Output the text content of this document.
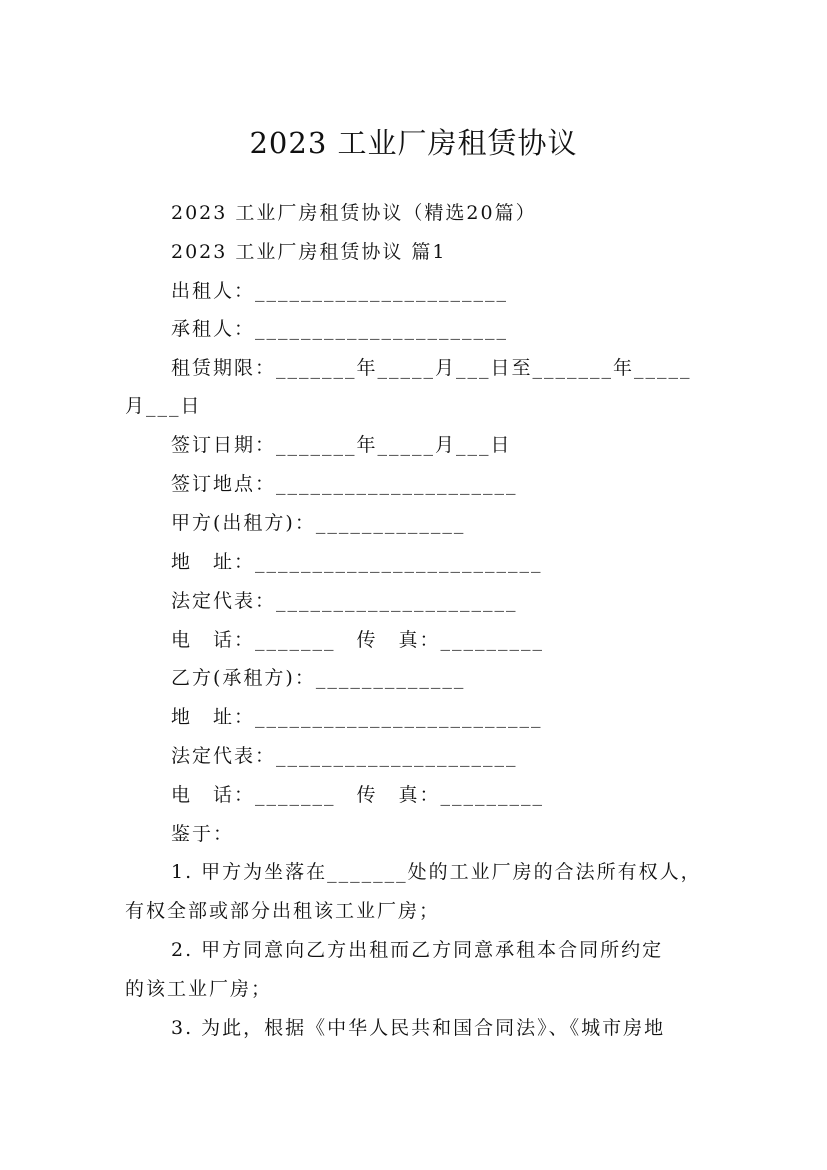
2023 工业厂房租赁协议
2023 工业厂房租赁协议（精选20篇）
2023 工业厂房租赁协议 篇1
出租人：______________________
承租人：______________________
租赁期限：_______年_____月___日至_______年_____
月___日
签订日期：_______年_____月___日
签订地点：_____________________
甲方(出租方)：_____________
地　址：_________________________
法定代表：_____________________
电　话：_______　传　真：_________
乙方(承租方)：_____________
地　址：_________________________
法定代表：_____________________
电　话：_______　传　真：_________
鉴于：
1. 甲方为坐落在_______处的工业厂房的合法所有权人，
有权全部或部分出租该工业厂房；
2. 甲方同意向乙方出租而乙方同意承租本合同所约定
的该工业厂房；
3. 为此，根据《中华人民共和国合同法》、《城市房地
